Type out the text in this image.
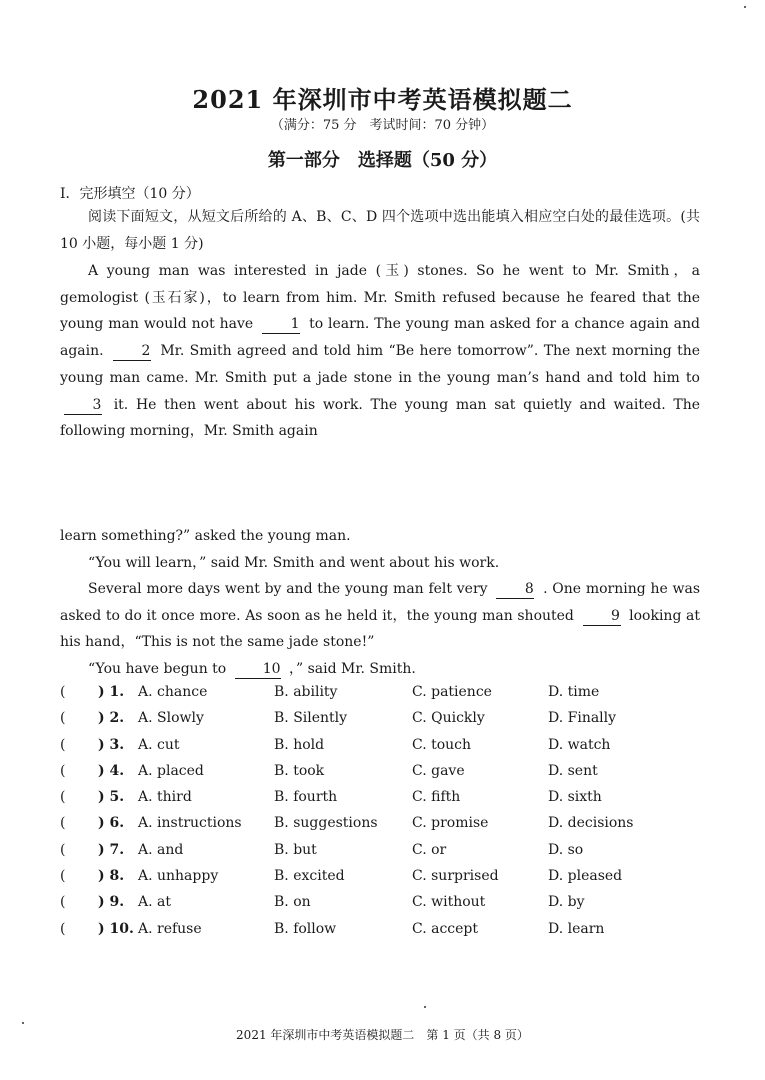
2021 年深圳市中考英语模拟题二
（满分：75 分　考试时间：70 分钟）
第一部分　选择题（50 分）
Ⅰ．完形填空（10 分）
阅读下面短文，从短文后所给的 A、B、C、D 四个选项中选出能填入相应空白处的最佳选项。(共 10 小题，每小题 1 分)
A young man was interested in jade (玉) stones. So he went to Mr. Smith，a gemologist (玉石家)，to learn from him. Mr. Smith refused because he feared that the young man would not have	1 to learn. The young man asked for a chance again and again.	2 Mr. Smith agreed and told him “Be here tomorrow”. The next morning the young man came. Mr. Smith put a jade stone in the young man’s hand and told him to 3 it. He then went about his work. The young man sat quietly and waited. The following morning，Mr. Smith again
learn something?” asked the young man.
“You will learn，” said Mr. Smith and went about his work.
Several more days went by and the young man felt very	8 . One morning he was asked to do it once more. As soon as he held it，the young man shouted	9 looking at his hand，“This is not the same jade stone!”
“You have begun to	10 ，” said Mr. Smith.
( ) 1. A. chance	B. ability	C. patience	D. time
( ) 2. A. Slowly	B. Silently	C. Quickly	D. Finally
( ) 3. A. cut	B. hold	C. touch	D. watch
( ) 4. A. placed	B. took	C. gave	D. sent
( ) 5. A. third	B. fourth	C. fifth	D. sixth
( ) 6. A. instructions B. suggestions C. promise	D. decisions
( ) 7. A. and	B. but	C. or	D. so
( ) 8. A. unhappy	B. excited	C. surprised	D. pleased
( ) 9. A. at	B. on	C. without	D. by
( ) 10. A. refuse	B. follow	C. accept	D. learn
2021 年深圳市中考英语模拟题二　第 1 页（共 8 页）
